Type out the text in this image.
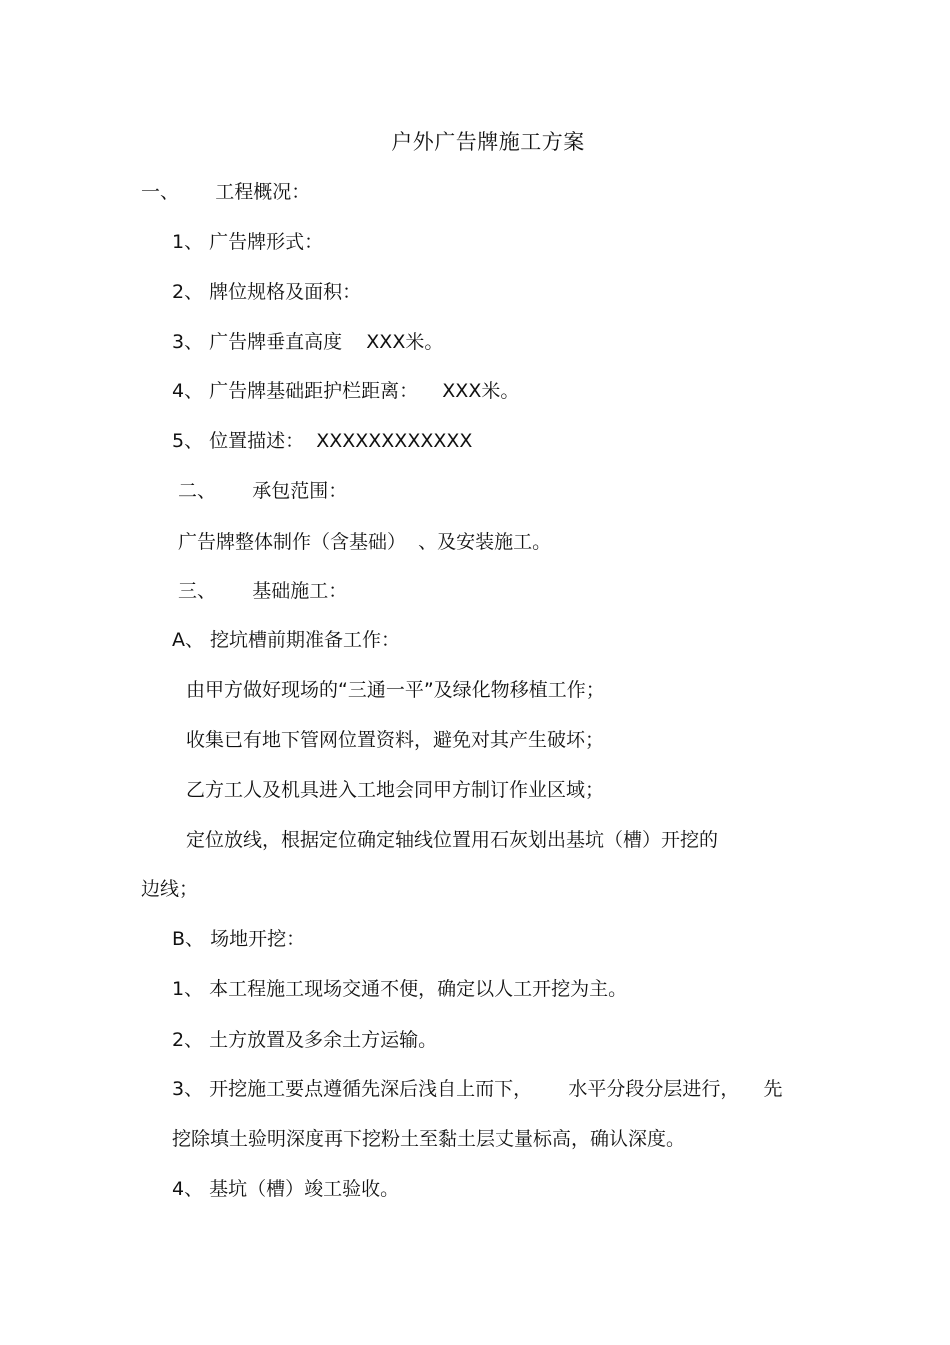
户外广告牌施工方案
一、      工程概况：
1、 广告牌形式：
2、 牌位规格及面积：
3、 广告牌垂直高度    XXX米。
4、 广告牌基础距护栏距离：    XXX米。
5、 位置描述：  XXXXXXXXXXXX
二、      承包范围：
广告牌整体制作（含基础）  、及安装施工。
三、      基础施工：
A、 挖坑槽前期准备工作：
由甲方做好现场的“三通一平”及绿化物移植工作；
收集已有地下管网位置资料，避免对其产生破坏；
乙方工人及机具进入工地会同甲方制订作业区域；
定位放线，根据定位确定轴线位置用石灰划出基坑（槽）开挖的
边线；
B、 场地开挖：
1、 本工程施工现场交通不便，确定以人工开挖为主。
2、 土方放置及多余土方运输。
3、 开挖施工要点遵循先深后浅自上而下，      水平分段分层进行，    先
挖除填土验明深度再下挖粉土至黏土层丈量标高，确认深度。
4、 基坑（槽）竣工验收。
